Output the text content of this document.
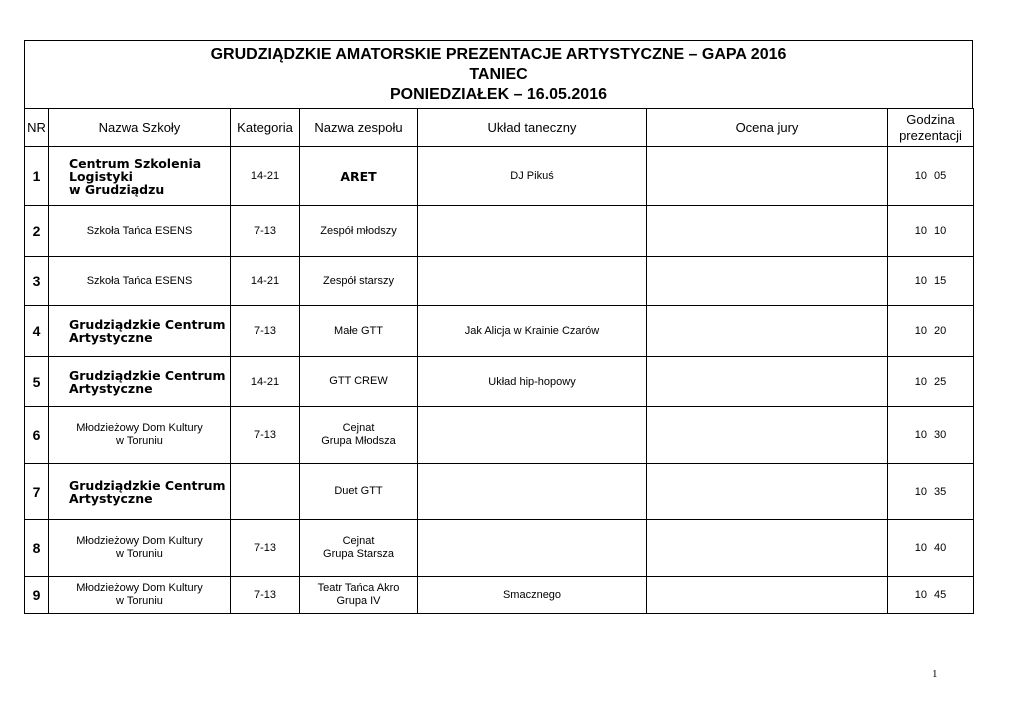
GRUDZIĄDZKIE AMATORSKIE PREZENTACJE ARTYSTYCZNE – GAPA 2016
TANIEC
PONIEDZIAŁEK – 16.05.2016
NR	Nazwa Szkoły	Kategoria	Nazwa zespołu	Układ taneczny	Ocena jury	Godzina
prezentacji
1	Centrum Szkolenia
Logistyki
w Grudziądzu	14-21	ARET	DJ Pikuś		10 05
2	Szkoła Tańca ESENS	7-13	Zespół młodszy			10 10
3	Szkoła Tańca ESENS	14-21	Zespół starszy			10 15
4	Grudziądzkie Centrum
Artystyczne	7-13	Małe GTT	Jak Alicja w Krainie Czarów		10 20
5	Grudziądzkie Centrum
Artystyczne	14-21	GTT CREW	Układ hip-hopowy		10 25
6	Młodzieżowy Dom Kultury
w Toruniu	7-13	Cejnat
Grupa Młodsza			10 30
7	Grudziądzkie Centrum
Artystyczne		Duet GTT			10 35
8	Młodzieżowy Dom Kultury
w Toruniu	7-13	Cejnat
Grupa Starsza			10 40
9	Młodzieżowy Dom Kultury
w Toruniu	7-13	Teatr Tańca Akro
Grupa IV	Smacznego		10 45
1
